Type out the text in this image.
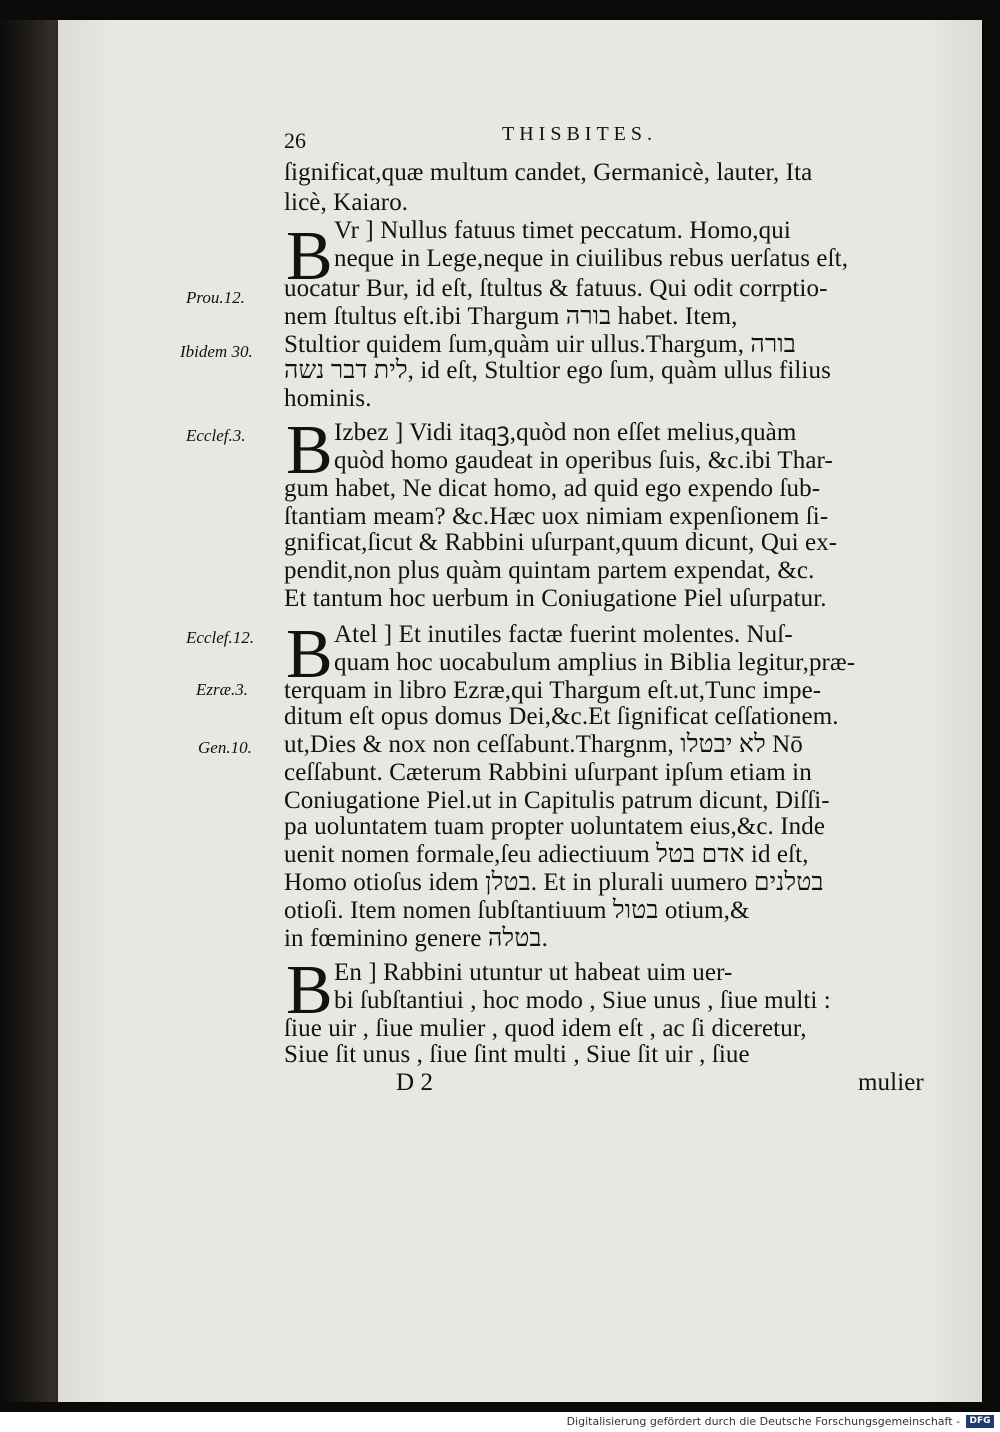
26	THISBITES.
Prou.12.
Ibidem 30.
Ecclef.3.
Ecclef.12.
Ezræ.3.
Gen.10.
B
B
B
B
ſignificat,quæ multum candet, Germanicè, lauter, Ita
licè, Kaiaro.
Vr ] Nullus fatuus timet peccatum. Homo,qui
neque in Lege,neque in ciuilibus rebus uerſatus eſt,
uocatur Bur, id eſt, ſtultus & fatuus. Qui odit corrptio-
nem ſtultus eſt.ibi Thargum בורה habet. Item,
Stultior quidem ſum,quàm uir ullus.Thargum, בורה
לית דבר נשה, id eſt, Stultior ego ſum, quàm ullus filius
hominis.
Izbez ] Vidi itaqꝫ,quòd non eſſet melius,quàm
quòd homo gaudeat in operibus ſuis, &c.ibi Thar-
gum habet, Ne dicat homo, ad quid ego expendo ſub-
ſtantiam meam? &c.Hæc uox nimiam expenſionem ſi-
gnificat,ſicut & Rabbini uſurpant,quum dicunt, Qui ex-
pendit,non plus quàm quintam partem expendat, &c.
Et tantum hoc uerbum in Coniugatione Piel uſurpatur.
Atel ] Et inutiles factæ fuerint molentes. Nuſ-
quam hoc uocabulum amplius in Biblia legitur,præ-
terquam in libro Ezræ,qui Thargum eſt.ut,Tunc impe-
ditum eſt opus domus Dei,&c.Et ſignificat ceſſationem.
ut,Dies & nox non ceſſabunt.Thargnm, לא יבטלו Nō
ceſſabunt. Cæterum Rabbini uſurpant ipſum etiam in
Coniugatione Piel.ut in Capitulis patrum dicunt, Diſſi-
pa uoluntatem tuam propter uoluntatem eius,&c. Inde
uenit nomen formale,ſeu adiectiuum אדם בטל id eſt,
Homo otioſus idem בטלן. Et in plurali uumero בטלנים
otioſi. Item nomen ſubſtantiuum בטול otium,&
in fœminino genere בטלה.
En ] Rabbini utuntur ut habeat uim uer-
bi ſubſtantiui , hoc modo , Siue unus , ſiue multi :
ſiue uir , ſiue mulier , quod idem eſt , ac ſi diceretur,
Siue ſit unus , ſiue ſint multi , Siue ſit uir , ſiue
D 2	mulier
Digitalisierung gefördert durch die Deutsche Forschungsgemeinschaft -	DFG
